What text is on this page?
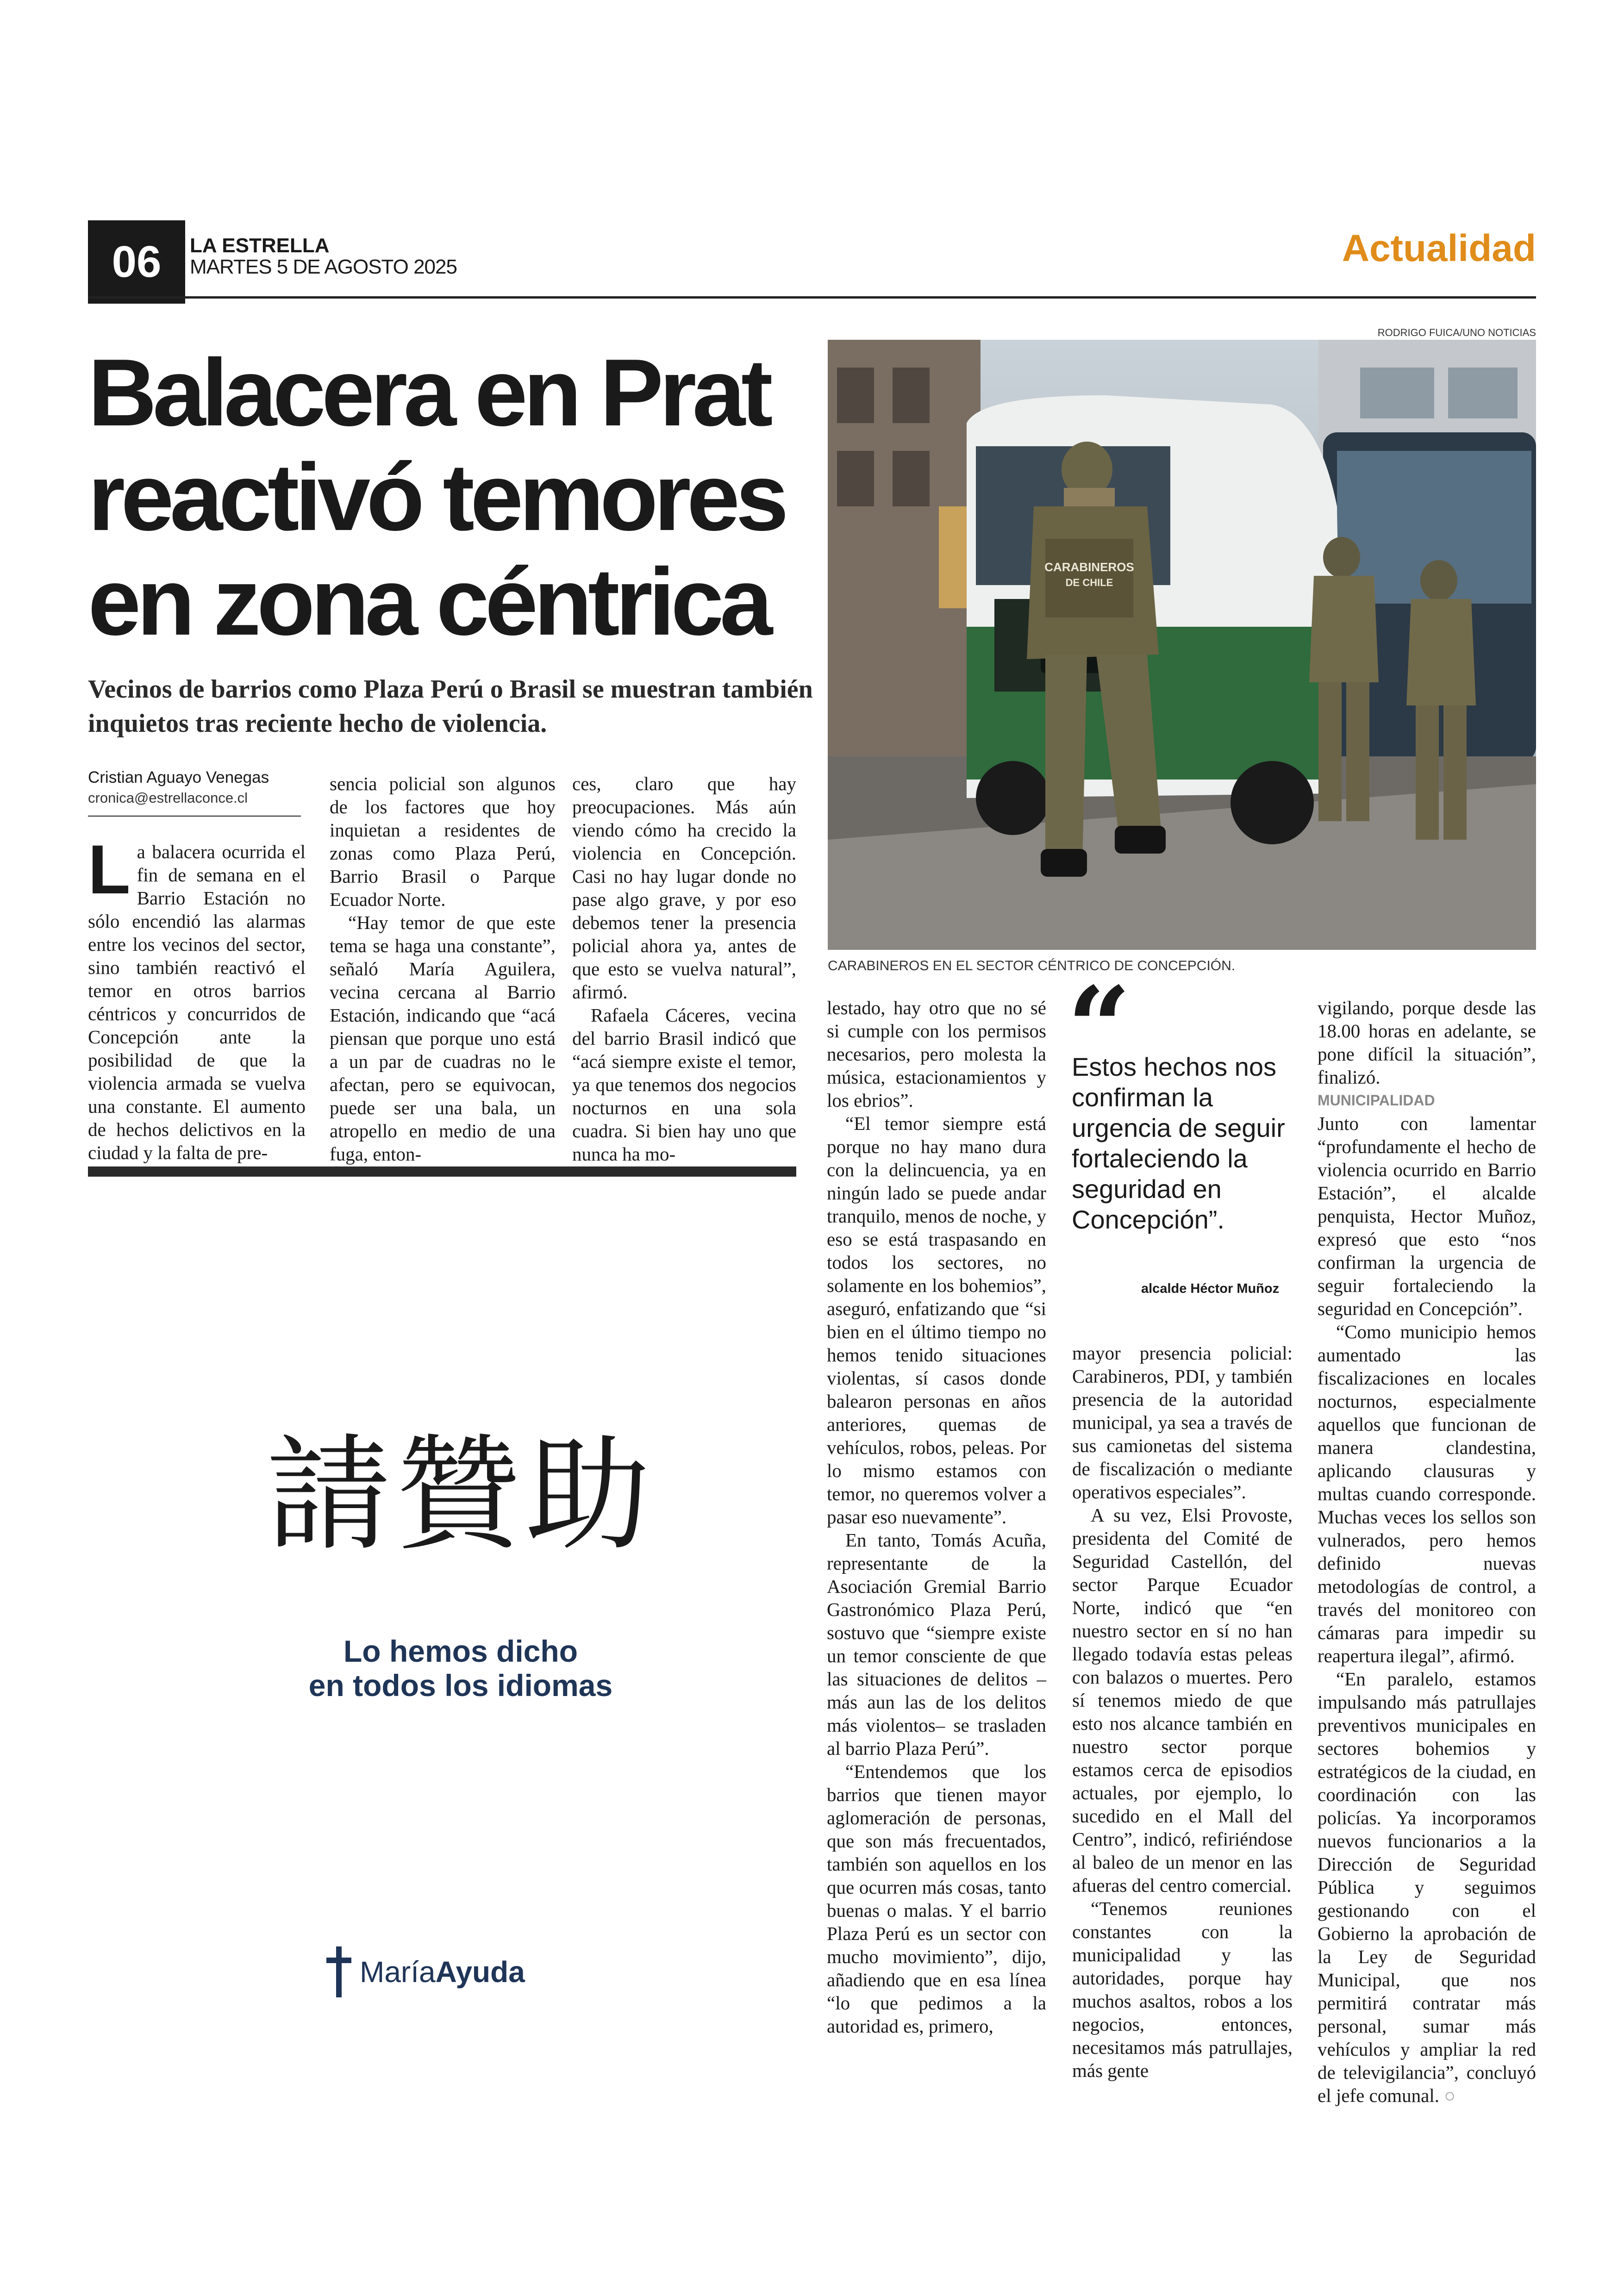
06	LA ESTRELLA
MARTES 5 DE AGOSTO 2025	Actualidad
Balacera en Prat
reactivó temores
en zona céntrica
Vecinos de barrios como Plaza Perú o Brasil se muestran también inquietos tras reciente hecho de violencia.
Cristian Aguayo Venegas
cronica@estrellaconce.cl

La balacera ocurrida el fin de semana en el Barrio Estación no sólo encendió las alarmas entre los vecinos del sector, sino también reactivó el temor en otros barrios céntricos y concurridos de Concepción ante la posibilidad de que la violencia armada se vuelva una constante. El aumento de hechos delictivos en la ciudad y la falta de pre-

sencia policial son algunos de los factores que hoy inquietan a residentes de zonas como Plaza Perú, Barrio Brasil o Parque Ecuador Norte.

“Hay temor de que este tema se haga una constante”, señaló María Aguilera, vecina cercana al Barrio Estación, indicando que “acá piensan que porque uno está a un par de cuadras no le afectan, pero se equivocan, puede ser una bala, un atropello en medio de una fuga, enton-

ces, claro que hay preocupaciones. Más aún viendo cómo ha crecido la violencia en Concepción. Casi no hay lugar donde no pase algo grave, y por eso debemos tener la presencia policial ahora ya, antes de que esto se vuelva natural”, afirmó.

Rafaela Cáceres, vecina del barrio Brasil indicó que “acá siempre existe el temor, ya que tenemos dos negocios nocturnos en una sola cuadra. Si bien hay uno que nunca ha mo-

RODRIGO FUICA/UNO NOTICIAS
CARABINEROS
DE CHILE
CARABINEROS EN EL SECTOR CÉNTRICO DE CONCEPCIÓN.

lestado, hay otro que no sé si cumple con los permisos necesarios, pero molesta la música, estacionamientos y los ebrios”.

“El temor siempre está porque no hay mano dura con la delincuencia, ya en ningún lado se puede andar tranquilo, menos de noche, y eso se está traspasando en todos los sectores, no solamente en los bohemios”, aseguró, enfatizando que “si bien en el último tiempo no hemos tenido situaciones violentas, sí casos donde balearon personas en años anteriores, quemas de vehículos, robos, peleas. Por lo mismo estamos con temor, no queremos volver a pasar eso nuevamente”.

En tanto, Tomás Acuña, representante de la Asociación Gremial Barrio Gastronómico Plaza Perú, sostuvo que “siempre existe un temor consciente de que las situaciones de delitos –más aun las de los delitos más violentos– se trasladen al barrio Plaza Perú”.

“Entendemos que los barrios que tienen mayor aglomeración de personas, que son más frecuentados, también son aquellos en los que ocurren más cosas, tanto buenas o malas. Y el barrio Plaza Perú es un sector con mucho movimiento”, dijo, añadiendo que en esa línea “lo que pedimos a la autoridad es, primero,

“
Estos hechos nos confirman la urgencia de seguir fortaleciendo la seguridad en Concepción”.
alcalde Héctor Muñoz

mayor presencia policial: Carabineros, PDI, y también presencia de la autoridad municipal, ya sea a través de sus camionetas del sistema de fiscalización o mediante operativos especiales”.

A su vez, Elsi Provoste, presidenta del Comité de Seguridad Castellón, del sector Parque Ecuador Norte, indicó que “en nuestro sector en sí no han llegado todavía estas peleas con balazos o muertes. Pero sí tenemos miedo de que esto nos alcance también en nuestro sector porque estamos cerca de episodios actuales, por ejemplo, lo sucedido en el Mall del Centro”, indicó, refiriéndose al baleo de un menor en las afueras del centro comercial.

“Tenemos reuniones constantes con la municipalidad y las autoridades, porque hay muchos asaltos, robos a los negocios, entonces, necesitamos más patrullajes, más gente

vigilando, porque desde las 18.00 horas en adelante, se pone difícil la situación”, finalizó.

MUNICIPALIDAD

Junto con lamentar “profundamente el hecho de violencia ocurrido en Barrio Estación”, el alcalde penquista, Hector Muñoz, expresó que esto “nos confirman la urgencia de seguir fortaleciendo la seguridad en Concepción”.

“Como municipio hemos aumentado las fiscalizaciones en locales nocturnos, especialmente aquellos que funcionan de manera clandestina, aplicando clausuras y multas cuando corresponde. Muchas veces los sellos son vulnerados, pero hemos definido nuevas metodologías de control, a través del monitoreo con cámaras para impedir su reapertura ilegal”, afirmó.

“En paralelo, estamos impulsando más patrullajes preventivos municipales en sectores bohemios y estratégicos de la ciudad, en coordinación con las policías. Ya incorporamos nuevos funcionarios a la Dirección de Seguridad Pública y seguimos gestionando con el Gobierno la aprobación de la Ley de Seguridad Municipal, que nos permitirá contratar más personal, sumar más vehículos y ampliar la red de televigilancia”, concluyó el jefe comunal. ○

請贊助
Lo hemos dicho
en todos los idiomas
María Ayuda
